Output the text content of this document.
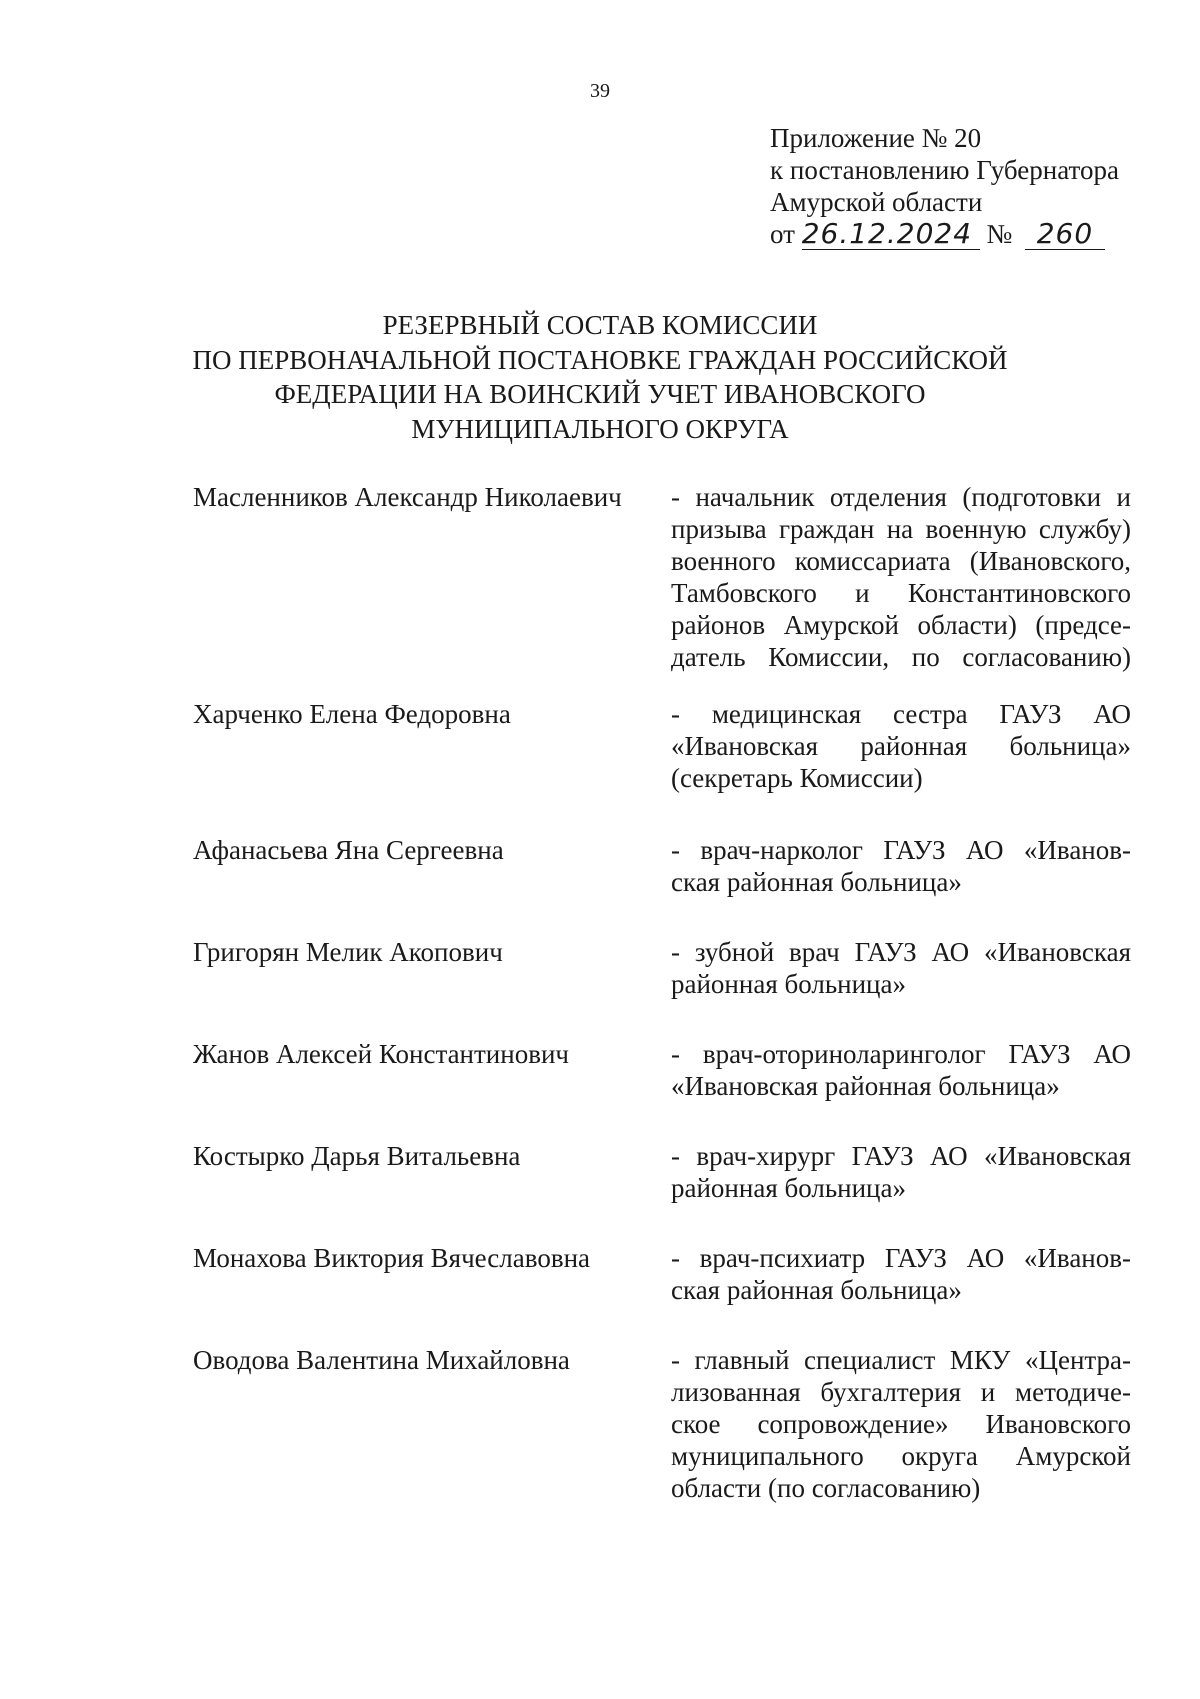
39
Приложение № 20
к постановлению Губернатора
Амурской области
от 26.12.2024 № 260
РЕЗЕРВНЫЙ СОСТАВ КОМИССИИ
ПО ПЕРВОНАЧАЛЬНОЙ ПОСТАНОВКЕ ГРАЖДАН РОССИЙСКОЙ
ФЕДЕРАЦИИ НА ВОИНСКИЙ УЧЕТ ИВАНОВСКОГО
МУНИЦИПАЛЬНОГО ОКРУГА
Масленников Александр Николаевич	- начальник отделения (подготовки и
призыва граждан на военную службу)
военного комиссариата (Ивановского,
Тамбовского и Константиновского
районов Амурской области) (предсе-
датель Комиссии, по согласованию)
Харченко Елена Федоровна	- медицинская сестра ГАУЗ АО
«Ивановская районная больница»
(секретарь Комиссии)
Афанасьева Яна Сергеевна	- врач-нарколог ГАУЗ АО «Иванов-
ская районная больница»
Григорян Мелик Акопович	- зубной врач ГАУЗ АО «Ивановская
районная больница»
Жанов Алексей Константинович	- врач-оториноларинголог ГАУЗ АО
«Ивановская районная больница»
Костырко Дарья Витальевна	- врач-хирург ГАУЗ АО «Ивановская
районная больница»
Монахова Виктория Вячеславовна	- врач-психиатр ГАУЗ АО «Иванов-
ская районная больница»
Оводова Валентина Михайловна	- главный специалист МКУ «Центра-
лизованная бухгалтерия и методиче-
ское сопровождение» Ивановского
муниципального округа Амурской
области (по согласованию)
